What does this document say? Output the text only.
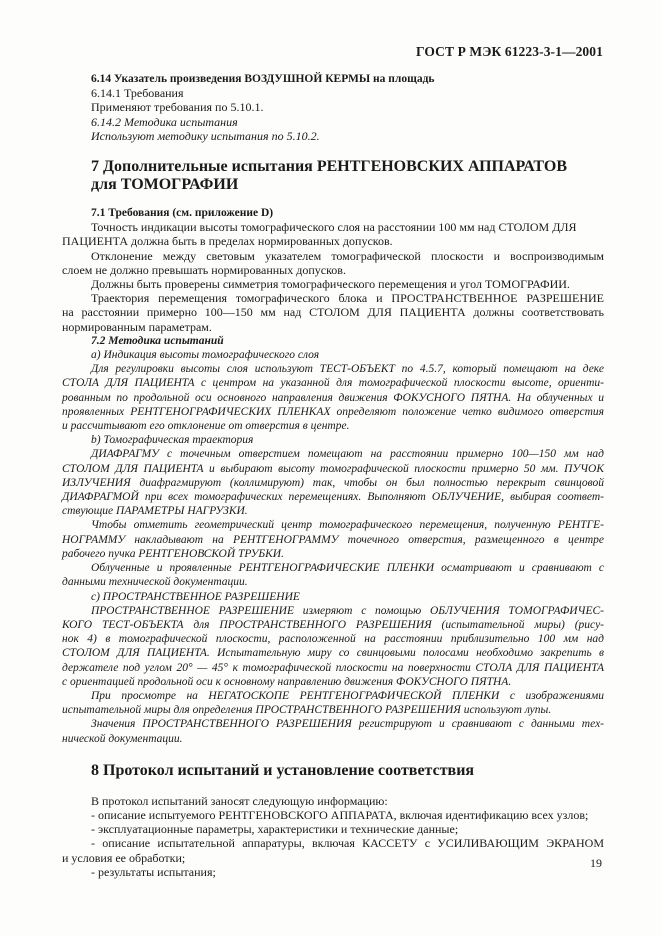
ГОСТ Р МЭК 61223-3-1—2001
6.14 Указатель произведения ВОЗДУШНОЙ КЕРМЫ на площадь
6.14.1 Требования
Применяют требования по 5.10.1.
6.14.2 Методика испытания
Используют методику испытания по 5.10.2.
7 Дополнительные испытания РЕНТГЕНОВСКИХ АППАРАТОВ
для ТОМОГРАФИИ
7.1 Требования (см. приложение D)
Точность индикации высоты томографического слоя на расстоянии 100 мм над СТОЛОМ ДЛЯ
ПАЦИЕНТА должна быть в пределах нормированных допусков.
Отклонение между световым указателем томографической плоскости и воспроизводимым
слоем не должно превышать нормированных допусков.
Должны быть проверены симметрия томографического перемещения и угол ТОМОГРАФИИ.
Траектория перемещения томографического блока и ПРОСТРАНСТВЕННОЕ РАЗРЕШЕНИЕ
на расстоянии примерно 100—150 мм над СТОЛОМ ДЛЯ ПАЦИЕНТА должны соответствовать
нормированным параметрам.
7.2 Методика испытаний
а) Индикация высоты томографического слоя
Для регулировки высоты слоя используют ТЕСТ-ОБЪЕКТ по 4.5.7, который помещают на деке
СТОЛА ДЛЯ ПАЦИЕНТА с центром на указанной для томографической плоскости высоте, ориенти-
рованным по продольной оси основного направления движения ФОКУСНОГО ПЯТНА. На облученных и
проявленных РЕНТГЕНОГРАФИЧЕСКИХ ПЛЕНКАХ определяют положение четко видимого отверстия
и рассчитывают его отклонение от отверстия в центре.
b) Томографическая траектория
ДИАФРАГМУ с точечным отверстием помещают на расстоянии примерно 100—150 мм над
СТОЛОМ ДЛЯ ПАЦИЕНТА и выбирают высоту томографической плоскости примерно 50 мм. ПУЧОК
ИЗЛУЧЕНИЯ диафрагмируют (коллимируют) так, чтобы он был полностью перекрыт свинцовой
ДИАФРАГМОЙ при всех томографических перемещениях. Выполняют ОБЛУЧЕНИЕ, выбирая соответ-
ствующие ПАРАМЕТРЫ НАГРУЗКИ.
Чтобы отметить геометрический центр томографического перемещения, полученную РЕНТГЕ-
НОГРАММУ накладывают на РЕНТГЕНОГРАММУ точечного отверстия, размещенного в центре
рабочего пучка РЕНТГЕНОВСКОЙ ТРУБКИ.
Облученные и проявленные РЕНТГЕНОГРАФИЧЕСКИЕ ПЛЕНКИ осматривают и сравнивают с
данными технической документации.
с) ПРОСТРАНСТВЕННОЕ РАЗРЕШЕНИЕ
ПРОСТРАНСТВЕННОЕ РАЗРЕШЕНИЕ измеряют с помощью ОБЛУЧЕНИЯ ТОМОГРАФИЧЕС-
КОГО ТЕСТ-ОБЪЕКТА для ПРОСТРАНСТВЕННОГО РАЗРЕШЕНИЯ (испытательной миры) (рису-
нок 4) в томографической плоскости, расположенной на расстоянии приблизительно 100 мм над
СТОЛОМ ДЛЯ ПАЦИЕНТА. Испытательную миру со свинцовыми полосами необходимо закрепить в
держателе под углом 20° — 45° к томографической плоскости на поверхности СТОЛА ДЛЯ ПАЦИЕНТА
с ориентацией продольной оси к основному направлению движения ФОКУСНОГО ПЯТНА.
При просмотре на НЕГАТОСКОПЕ РЕНТГЕНОГРАФИЧЕСКОЙ ПЛЕНКИ с изображениями
испытательной миры для определения ПРОСТРАНСТВЕННОГО РАЗРЕШЕНИЯ используют лупы.
Значения ПРОСТРАНСТВЕННОГО РАЗРЕШЕНИЯ регистрируют и сравнивают с данными тех-
нической документации.
8 Протокол испытаний и установление соответствия
В протокол испытаний заносят следующую информацию:
- описание испытуемого РЕНТГЕНОВСКОГО АППАРАТА, включая идентификацию всех узлов;
- эксплуатационные параметры, характеристики и технические данные;
- описание испытательной аппаратуры, включая КАССЕТУ с УСИЛИВАЮЩИМ ЭКРАНОМ
и условия ее обработки;
- результаты испытания;
19
